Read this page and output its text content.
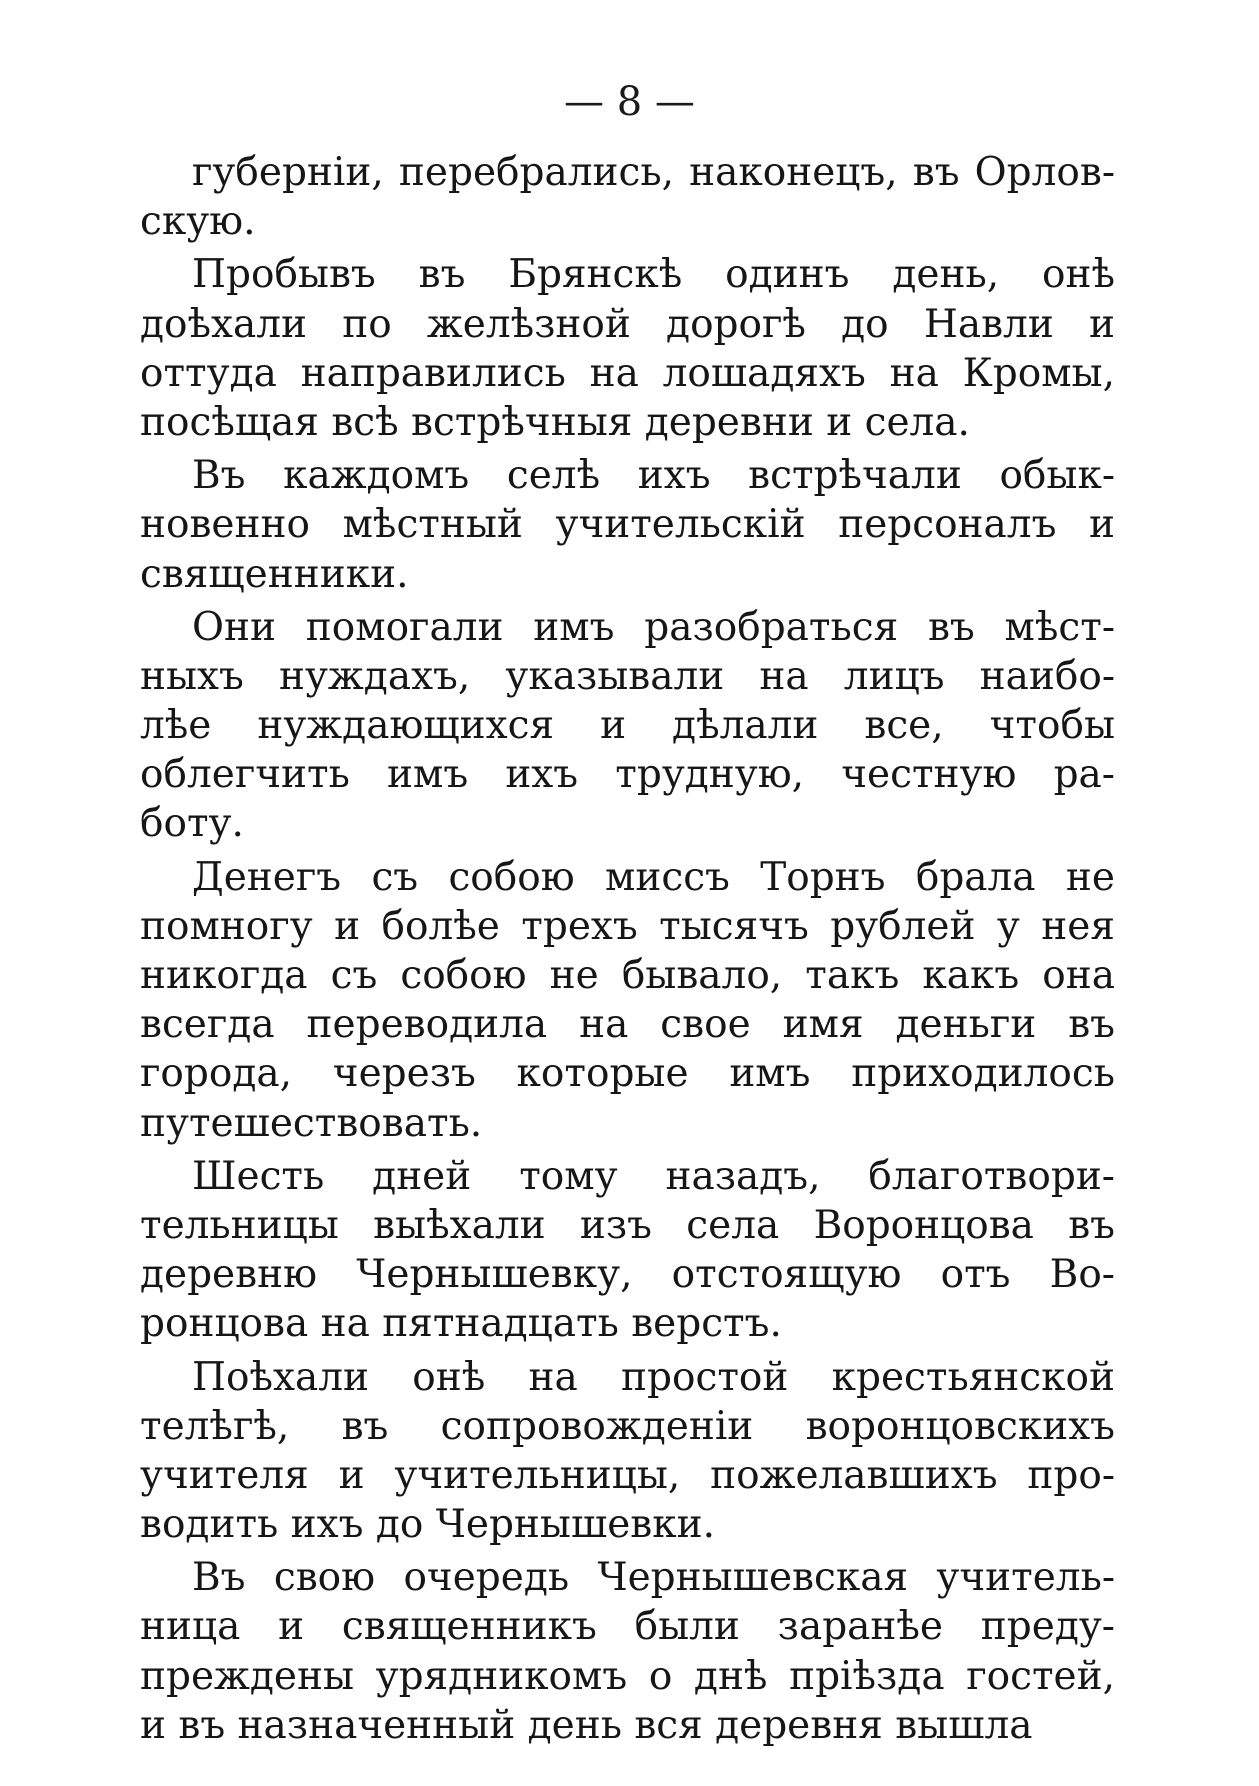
— 8 —
губерніи, перебрались, наконецъ, въ Орлов-
скую.
Пробывъ въ Брянскѣ одинъ день, онѣ
доѣхали по желѣзной дорогѣ до Навли и
оттуда направились на лошадяхъ на Кромы,
посѣщая всѣ встрѣчныя деревни и села.
Въ каждомъ селѣ ихъ встрѣчали обык-
новенно мѣстный учительскій персоналъ и
священники.
Они помогали имъ разобраться въ мѣст-
ныхъ нуждахъ, указывали на лицъ наибо-
лѣе нуждающихся и дѣлали все, чтобы
облегчить имъ ихъ трудную, честную ра-
боту.
Денегъ съ собою миссъ Торнъ брала не
помногу и болѣе трехъ тысячъ рублей у нея
никогда съ собою не бывало, такъ какъ она
всегда переводила на свое имя деньги въ
города, черезъ которые имъ приходилось
путешествовать.
Шесть дней тому назадъ, благотвори-
тельницы выѣхали изъ села Воронцова въ
деревню Чернышевку, отстоящую отъ Во-
ронцова на пятнадцать верстъ.
Поѣхали онѣ на простой крестьянской
телѣгѣ, въ сопровожденіи воронцовскихъ
учителя и учительницы, пожелавшихъ про-
водить ихъ до Чернышевки.
Въ свою очередь Чернышевская учитель-
ница и священникъ были заранѣе преду-
преждены урядникомъ о днѣ пріѣзда гостей,
и въ назначенный день вся деревня вышла
